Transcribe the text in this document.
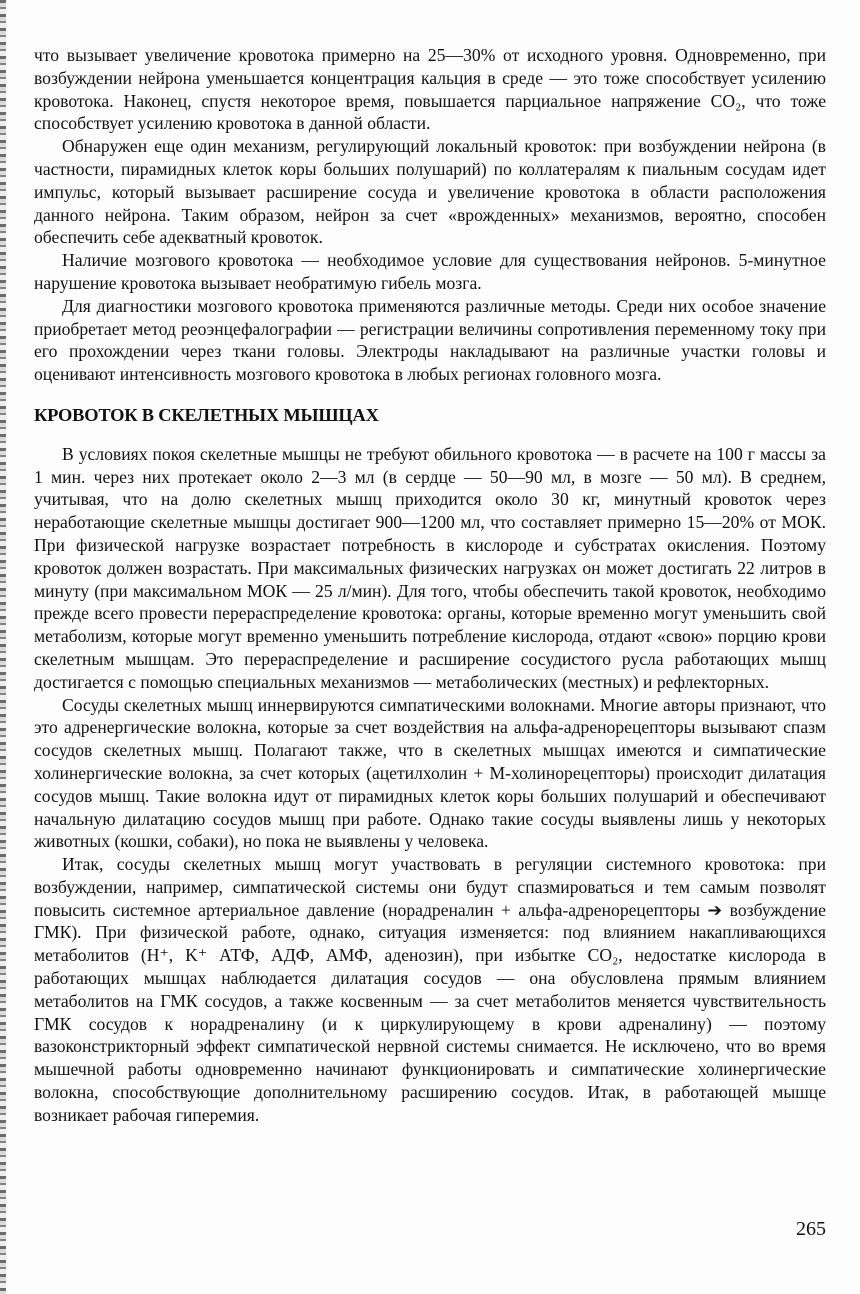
что вызывает увеличение кровотока примерно на 25—30% от исходного уровня. Одновременно, при возбуждении нейрона уменьшается концентрация кальция в среде — это тоже способствует усилению кровотока. Наконец, спустя некоторое время, повышается парциальное напряжение CO₂, что тоже способствует усилению кровотока в данной области.

Обнаружен еще один механизм, регулирующий локальный кровоток: при возбуждении нейрона (в частности, пирамидных клеток коры больших полушарий) по коллатералям к пиальным сосудам идет импульс, который вызывает расширение сосуда и увеличение кровотока в области расположения данного нейрона. Таким образом, нейрон за счет «врожденных» механизмов, вероятно, способен обеспечить себе адекватный кровоток.

Наличие мозгового кровотока — необходимое условие для существования нейронов. 5-минутное нарушение кровотока вызывает необратимую гибель мозга.

Для диагностики мозгового кровотока применяются различные методы. Среди них особое значение приобретает метод реоэнцефалографии — регистрации величины сопротивления переменному току при его прохождении через ткани головы. Электроды накладывают на различные участки головы и оценивают интенсивность мозгового кровотока в любых регионах головного мозга.

КРОВОТОК В СКЕЛЕТНЫХ МЫШЦАХ

В условиях покоя скелетные мышцы не требуют обильного кровотока — в расчете на 100 г массы за 1 мин. через них протекает около 2—3 мл (в сердце — 50—90 мл, в мозге — 50 мл). В среднем, учитывая, что на долю скелетных мышц приходится около 30 кг, минутный кровоток через неработающие скелетные мышцы достигает 900—1200 мл, что составляет примерно 15—20% от МОК. При физической нагрузке возрастает потребность в кислороде и субстратах окисления. Поэтому кровоток должен возрастать. При максимальных физических нагрузках он может достигать 22 литров в минуту (при максимальном МОК — 25 л/мин). Для того, чтобы обеспечить такой кровоток, необходимо прежде всего провести перераспределение кровотока: органы, которые временно могут уменьшить свой метаболизм, которые могут временно уменьшить потребление кислорода, отдают «свою» порцию крови скелетным мышцам. Это перераспределение и расширение сосудистого русла работающих мышц достигается с помощью специальных механизмов — метаболических (местных) и рефлекторных.

Сосуды скелетных мышц иннервируются симпатическими волокнами. Многие авторы признают, что это адренергические волокна, которые за счет воздействия на альфа-адренорецепторы вызывают спазм сосудов скелетных мышц. Полагают также, что в скелетных мышцах имеются и симпатические холинергические волокна, за счет которых (ацетилхолин + М-холинорецепторы) происходит дилатация сосудов мышц. Такие волокна идут от пирамидных клеток коры больших полушарий и обеспечивают начальную дилатацию сосудов мышц при работе. Однако такие сосуды выявлены лишь у некоторых животных (кошки, собаки), но пока не выявлены у человека.

Итак, сосуды скелетных мышц могут участвовать в регуляции системного кровотока: при возбуждении, например, симпатической системы они будут спазмироваться и тем самым позволят повысить системное артериальное давление (норадреналин + альфа-адренорецепторы ➔ возбуждение ГМК). При физической работе, однако, ситуация изменяется: под влиянием накапливающихся метаболитов (H⁺, K⁺ АТФ, АДФ, АМФ, аденозин), при избытке CO₂, недостатке кислорода в работающих мышцах наблюдается дилатация сосудов — она обусловлена прямым влиянием метаболитов на ГМК сосудов, а также косвенным — за счет метаболитов меняется чувствительность ГМК сосудов к норадреналину (и к циркулирующему в крови адреналину) — поэтому вазоконстрикторный эффект симпатической нервной системы снимается. Не исключено, что во время мышечной работы одновременно начинают функционировать и симпатические холинергические волокна, способствующие дополнительному расширению сосудов. Итак, в работающей мышце возникает рабочая гиперемия.

265
